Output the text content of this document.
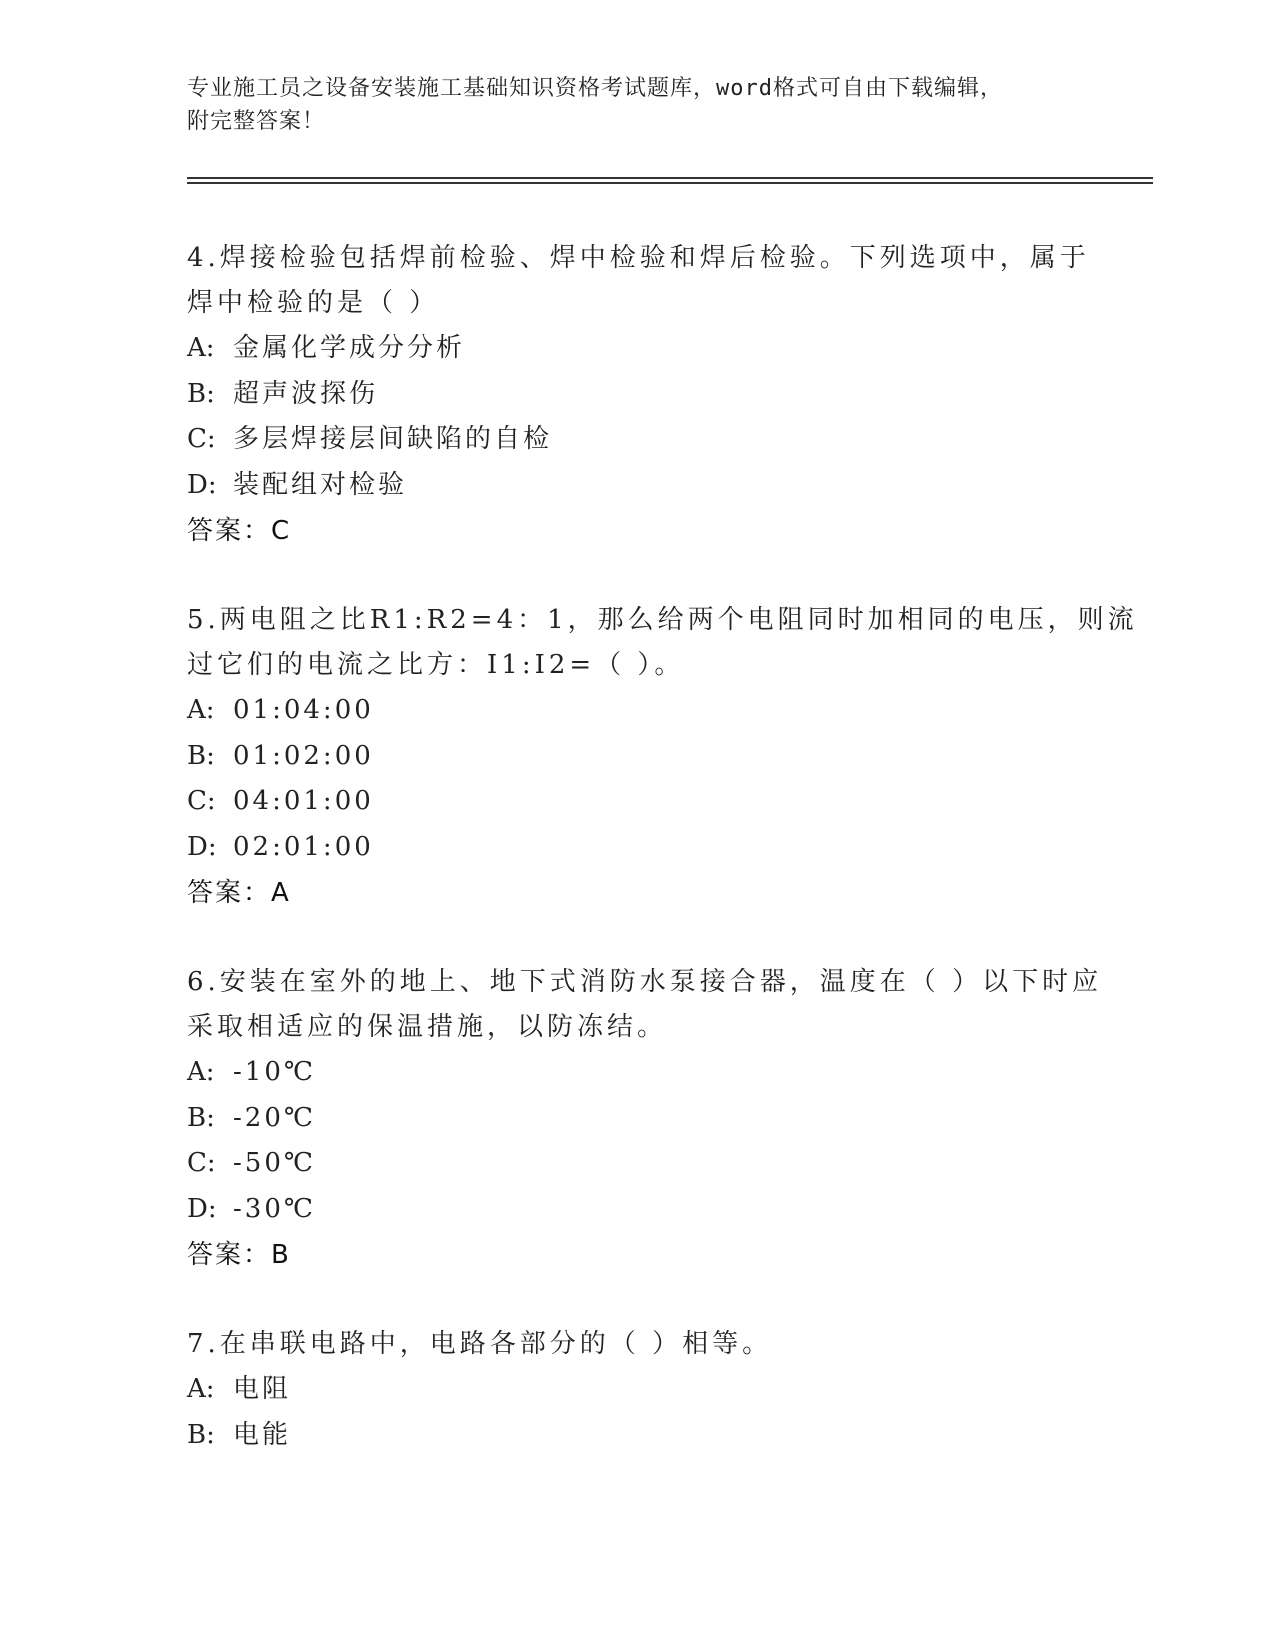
专业施工员之设备安装施工基础知识资格考试题库，word格式可自由下载编辑，
附完整答案！
4.焊接检验包括焊前检验、焊中检验和焊后检验。下列选项中，属于
焊中检验的是（ ）
A: 金属化学成分分析
B: 超声波探伤
C: 多层焊接层间缺陷的自检
D: 装配组对检验
答案：C
5.两电阻之比R1:R2=4：1，那么给两个电阻同时加相同的电压，则流
过它们的电流之比方：I1:I2=（ ）。
A: 01:04:00
B: 01:02:00
C: 04:01:00
D: 02:01:00
答案：A
6.安装在室外的地上、地下式消防水泵接合器，温度在（ ）以下时应
采取相适应的保温措施，以防冻结。
A: -10℃
B: -20℃
C: -50℃
D: -30℃
答案：B
7.在串联电路中，电路各部分的（ ）相等。
A: 电阻
B: 电能
